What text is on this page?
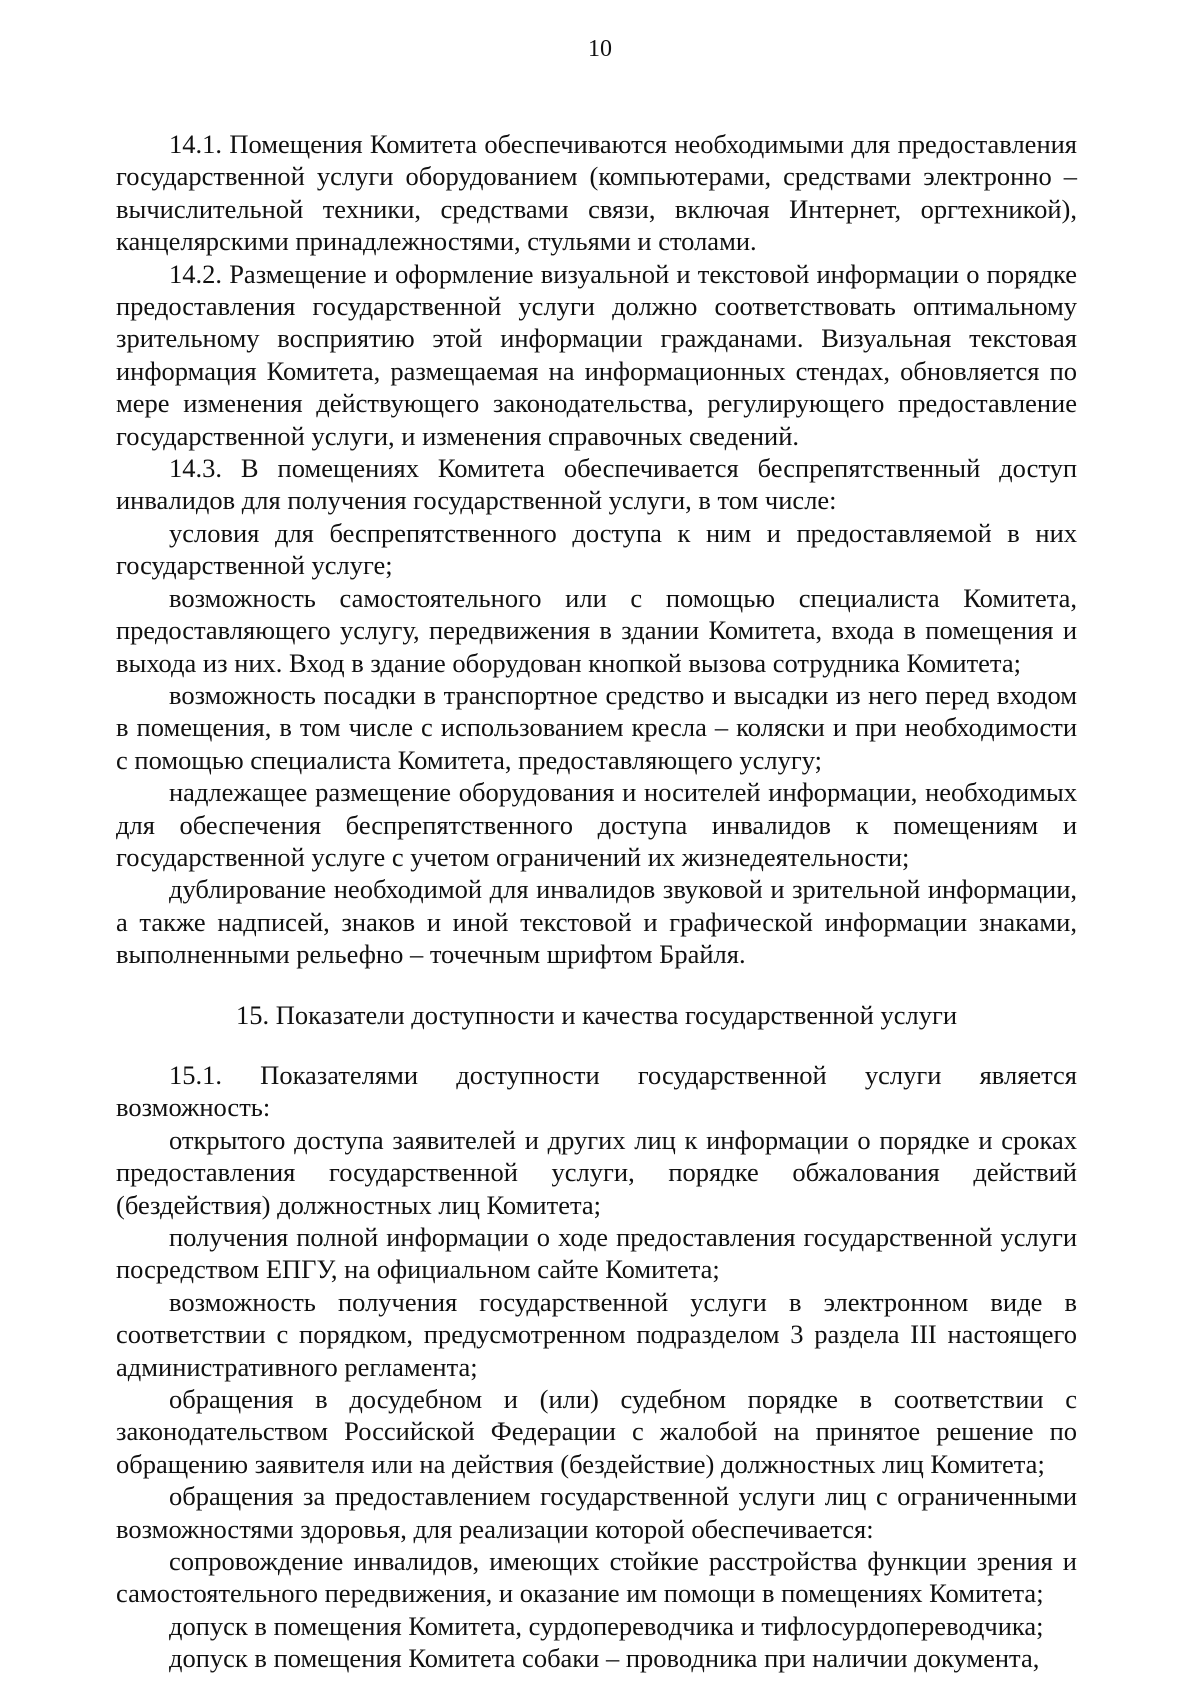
10

14.1. Помещения Комитета обеспечиваются необходимыми для предоставления государственной услуги оборудованием (компьютерами, средствами электронно – вычислительной техники, средствами связи, включая Интернет, оргтехникой), канцелярскими принадлежностями, стульями и столами.

14.2. Размещение и оформление визуальной и текстовой информации о порядке предоставления государственной услуги должно соответствовать оптимальному зрительному восприятию этой информации гражданами. Визуальная текстовая информация Комитета, размещаемая на информационных стендах, обновляется по мере изменения действующего законодательства, регулирующего предоставление государственной услуги, и изменения справочных сведений.

14.3. В помещениях Комитета обеспечивается беспрепятственный доступ инвалидов для получения государственной услуги, в том числе:

условия для беспрепятственного доступа к ним и предоставляемой в них государственной услуге;

возможность самостоятельного или с помощью специалиста Комитета, предоставляющего услугу, передвижения в здании Комитета, входа в помещения и выхода из них. Вход в здание оборудован кнопкой вызова сотрудника Комитета;

возможность посадки в транспортное средство и высадки из него перед входом в помещения, в том числе с использованием кресла – коляски и при необходимости с помощью специалиста Комитета, предоставляющего услугу;

надлежащее размещение оборудования и носителей информации, необходимых для обеспечения беспрепятственного доступа инвалидов к помещениям и государственной услуге с учетом ограничений их жизнедеятельности;

дублирование необходимой для инвалидов звуковой и зрительной информации, а также надписей, знаков и иной текстовой и графической информации знаками, выполненными рельефно – точечным шрифтом Брайля.

15. Показатели доступности и качества государственной услуги

15.1. Показателями доступности государственной услуги является возможность:

открытого доступа заявителей и других лиц к информации о порядке и сроках предоставления государственной услуги, порядке обжалования действий (бездействия) должностных лиц Комитета;

получения полной информации о ходе предоставления государственной услуги посредством ЕПГУ, на официальном сайте Комитета;

возможность получения государственной услуги в электронном виде в соответствии с порядком, предусмотренном подразделом 3 раздела III настоящего административного регламента;

обращения в досудебном и (или) судебном порядке в соответствии с законодательством Российской Федерации с жалобой на принятое решение по обращению заявителя или на действия (бездействие) должностных лиц Комитета;

обращения за предоставлением государственной услуги лиц с ограниченными возможностями здоровья, для реализации которой обеспечивается:

сопровождение инвалидов, имеющих стойкие расстройства функции зрения и самостоятельного передвижения, и оказание им помощи в помещениях Комитета;

допуск в помещения Комитета, сурдопереводчика и тифлосурдопереводчика;

допуск в помещения Комитета собаки – проводника при наличии документа,
